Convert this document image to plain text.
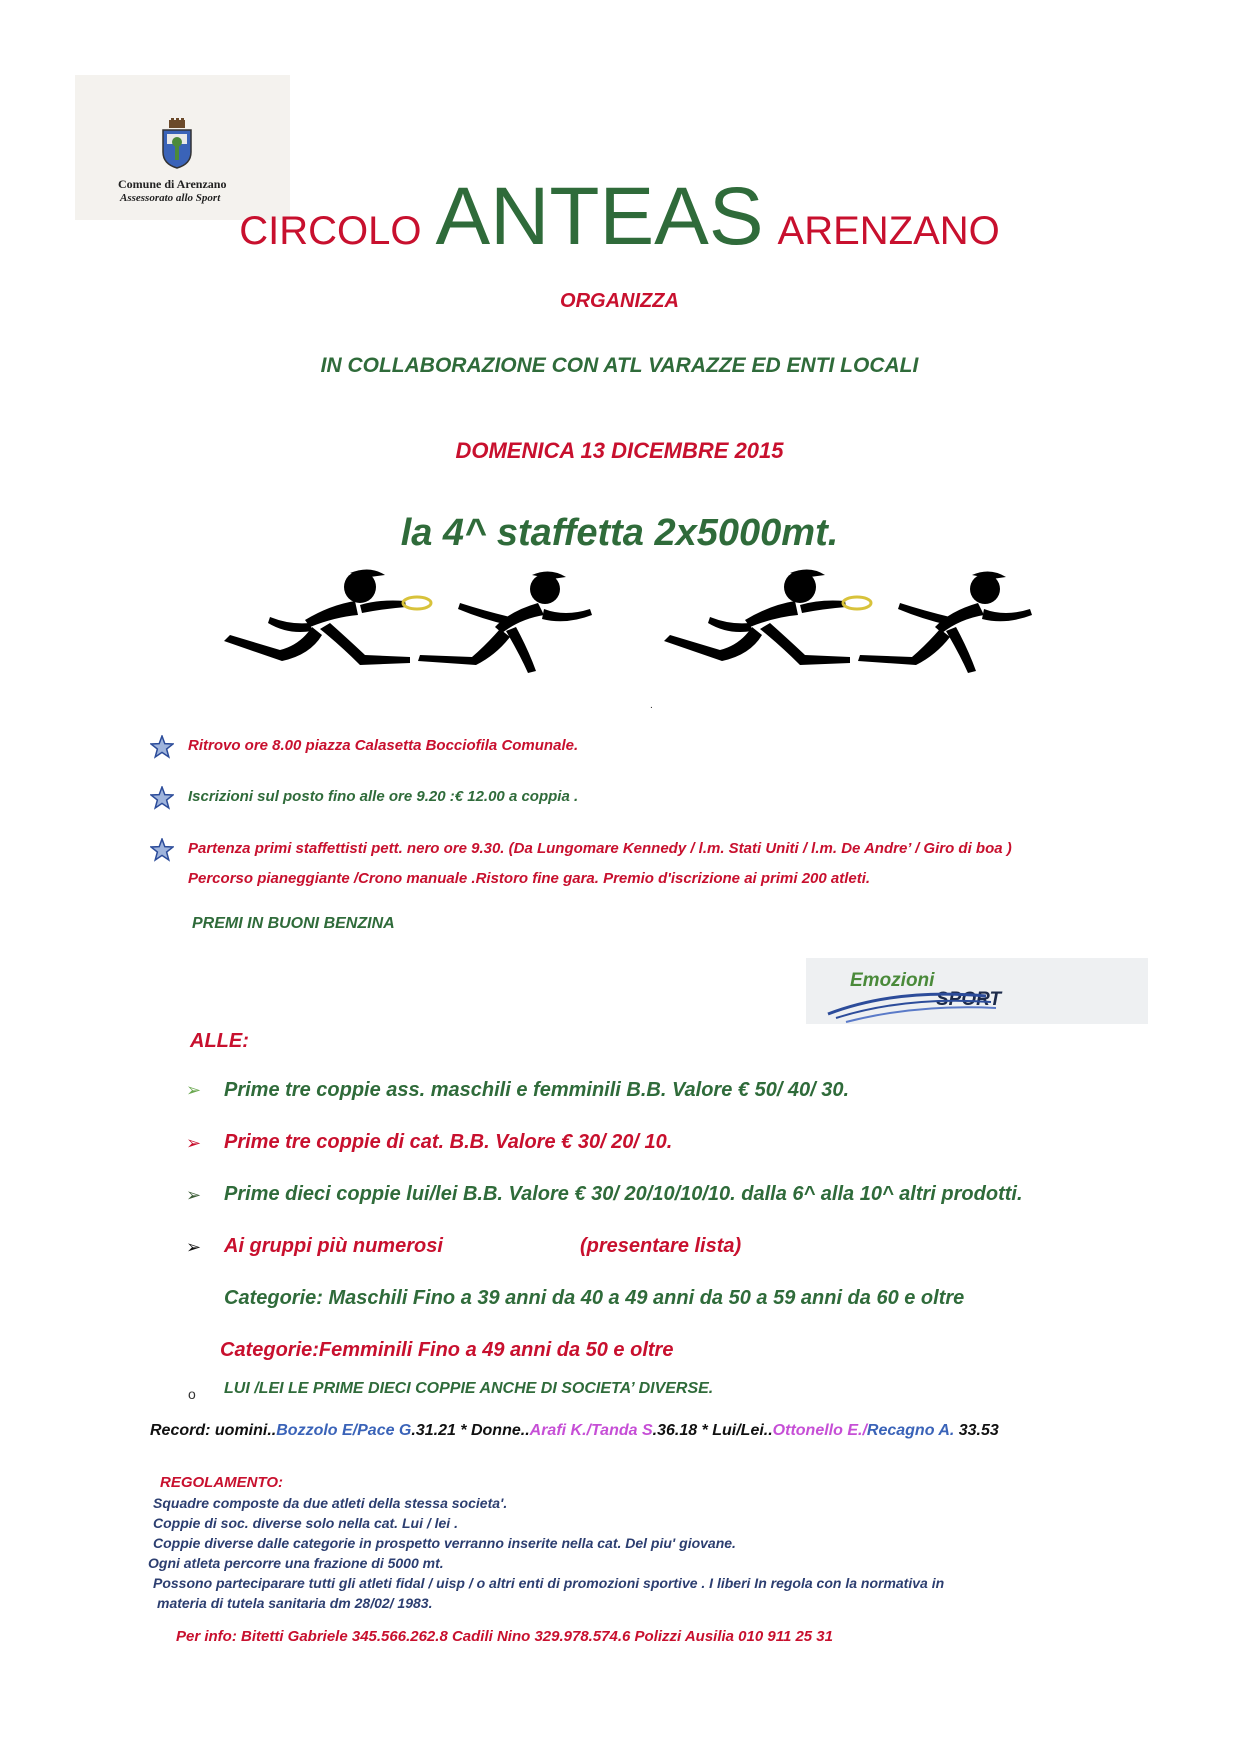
Comune di Arenzano
Assessorato allo Sport
CIRCOLO ANTEAS ARENZANO
ORGANIZZA
IN COLLABORAZIONE CON ATL VARAZZE ED ENTI LOCALI
DOMENICA 13 DICEMBRE 2015
la 4^ staffetta 2x5000mt.
.
Ritrovo ore 8.00 piazza Calasetta Bocciofila Comunale.
Iscrizioni sul posto fino alle ore 9.20 :€ 12.00 a coppia .
Partenza primi staffettisti pett. nero ore 9.30. (Da Lungomare Kennedy / l.m. Stati Uniti / l.m. De Andre’ / Giro di boa )
Percorso pianeggiante /Crono manuale .Ristoro fine gara. Premio d'iscrizione ai primi 200 atleti.
PREMI IN BUONI BENZINA
Emozioni
SPORT
ALLE:
➢
➢
➢
➢
Prime tre coppie ass. maschili e femminili B.B. Valore € 50/ 40/ 30.
Prime tre coppie di cat. B.B. Valore € 30/ 20/ 10.
Prime dieci coppie lui/lei B.B. Valore € 30/ 20/10/10/10. dalla 6^ alla 10^ altri prodotti.
Ai gruppi più numerosi	(presentare lista)
Categorie: Maschili Fino a 39 anni da 40 a 49 anni da 50 a 59 anni da 60 e oltre
Categorie:Femminili Fino a 49 anni da 50 e oltre
o LUI /LEI LE PRIME DIECI COPPIE ANCHE DI SOCIETA’ DIVERSE.
Record: uomini..Bozzolo E/Pace G.31.21 * Donne..Arafi K./Tanda S.36.18 * Lui/Lei..Ottonello E./Recagno A. 33.53
REGOLAMENTO:
Squadre composte da due atleti della stessa societa'.
Coppie di soc. diverse solo nella cat. Lui / lei .
Coppie diverse dalle categorie in prospetto verranno inserite nella cat. Del piu' giovane.
Ogni atleta percorre una frazione di 5000 mt.
Possono parteciparare tutti gli atleti fidal / uisp / o altri enti di promozioni sportive . I liberi In regola con la normativa in
materia di tutela sanitaria dm 28/02/ 1983.
Per info: Bitetti Gabriele 345.566.262.8 Cadili Nino 329.978.574.6 Polizzi Ausilia 010 911 25 31
